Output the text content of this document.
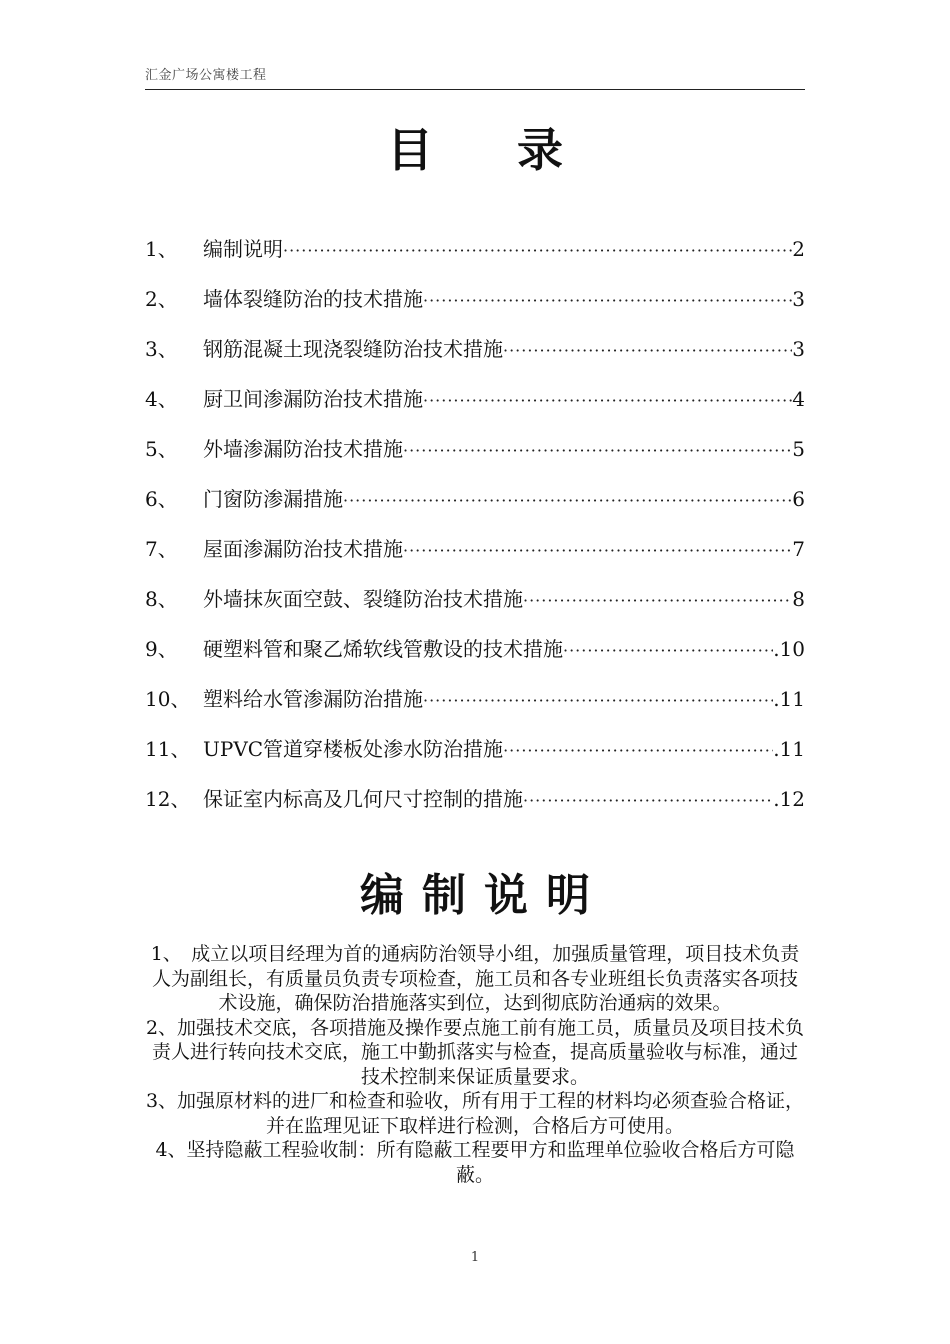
汇金广场公寓楼工程
目录
1、	编制说明 ·····	2
2、	墙体裂缝防治的技术措施 ·····	3
3、	钢筋混凝土现浇裂缝防治技术措施 ·····	3
4、	厨卫间渗漏防治技术措施 ·····	4
5、	外墙渗漏防治技术措施 ·····	5
6、	门窗防渗漏措施 ·····	6
7、	屋面渗漏防治技术措施 ·····	7
8、	外墙抹灰面空鼓、裂缝防治技术措施 ·····	8
9、	硬塑料管和聚乙烯软线管敷设的技术措施 ·····	.10
10、 塑料给水管渗漏防治措施 ·····	.11
11、 UPVC管道穿楼板处渗水防治措施 ·····	.11
12、 保证室内标高及几何尺寸控制的措施 ·····	.12
编制说明

1、　成立以项目经理为首的通病防治领导小组，加强质量管理，项目技术负责人为副组长，有质量员负责专项检查，施工员和各专业班组长负责落实各项技术设施，确保防治措施落实到位，达到彻底防治通病的效果。

2、加强技术交底，各项措施及操作要点施工前有施工员，质量员及项目技术负责人进行转向技术交底，施工中勤抓落实与检查，提高质量验收与标准，通过技术控制来保证质量要求。

3、加强原材料的进厂和检查和验收，所有用于工程的材料均必须查验合格证，并在监理见证下取样进行检测，合格后方可使用。

4、坚持隐蔽工程验收制：所有隐蔽工程要甲方和监理单位验收合格后方可隐蔽。

1
